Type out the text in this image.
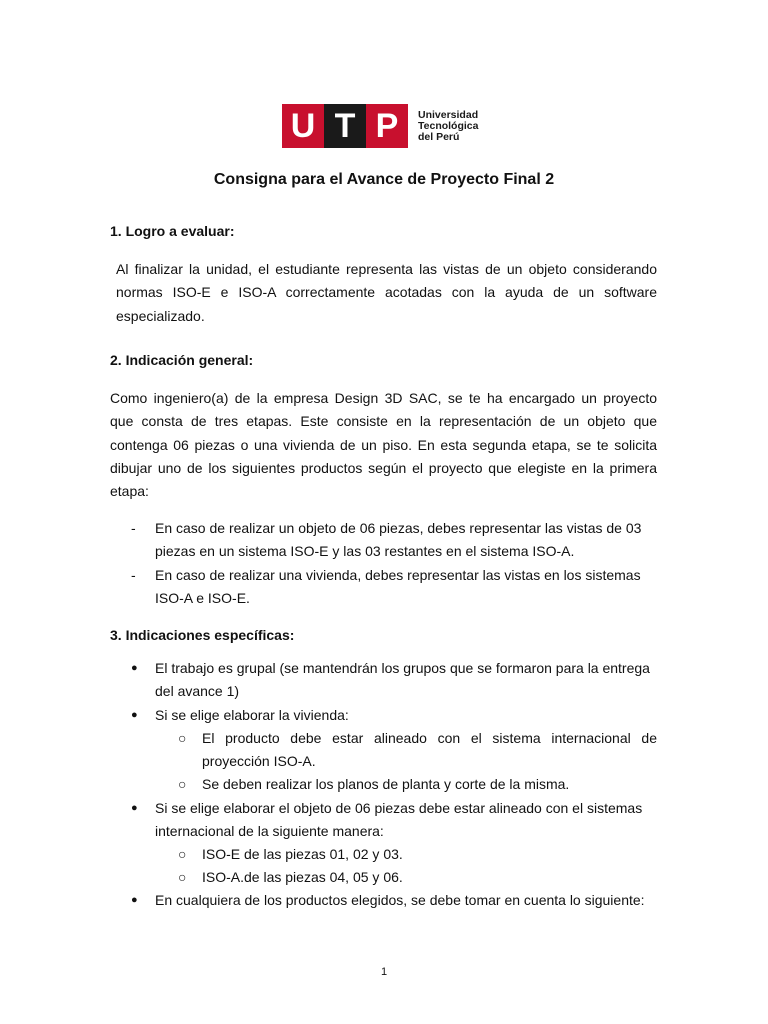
U T P	Universidad
Tecnológica
del Perú
Consigna para el Avance de Proyecto Final 2
1. Logro a evaluar:
Al finalizar la unidad, el estudiante representa las vistas de un objeto considerando
normas ISO-E e ISO-A correctamente acotadas con la ayuda de un software
especializado.
2. Indicación general:
Como ingeniero(a) de la empresa Design 3D SAC, se te ha encargado un proyecto
que consta de tres etapas. Este consiste en la representación de un objeto que
contenga 06 piezas o una vivienda de un piso. En esta segunda etapa, se te solicita
dibujar uno de los siguientes productos según el proyecto que elegiste en la primera
etapa:
- En caso de realizar un objeto de 06 piezas, debes representar las vistas de 03
piezas en un sistema ISO-E y las 03 restantes en el sistema ISO-A.
- En caso de realizar una vivienda, debes representar las vistas en los sistemas
ISO-A e ISO-E.
3. Indicaciones específicas:
● El trabajo es grupal (se mantendrán los grupos que se formaron para la entrega
del avance 1)
● Si se elige elaborar la vivienda:
○ El producto debe estar alineado con el sistema internacional de
proyección ISO-A.
○ Se deben realizar los planos de planta y corte de la misma.
● Si se elige elaborar el objeto de 06 piezas debe estar alineado con el sistemas
internacional de la siguiente manera:
○ ISO-E de las piezas 01, 02 y 03.
○ ISO-A.de las piezas 04, 05 y 06.
● En cualquiera de los productos elegidos, se debe tomar en cuenta lo siguiente:
1
